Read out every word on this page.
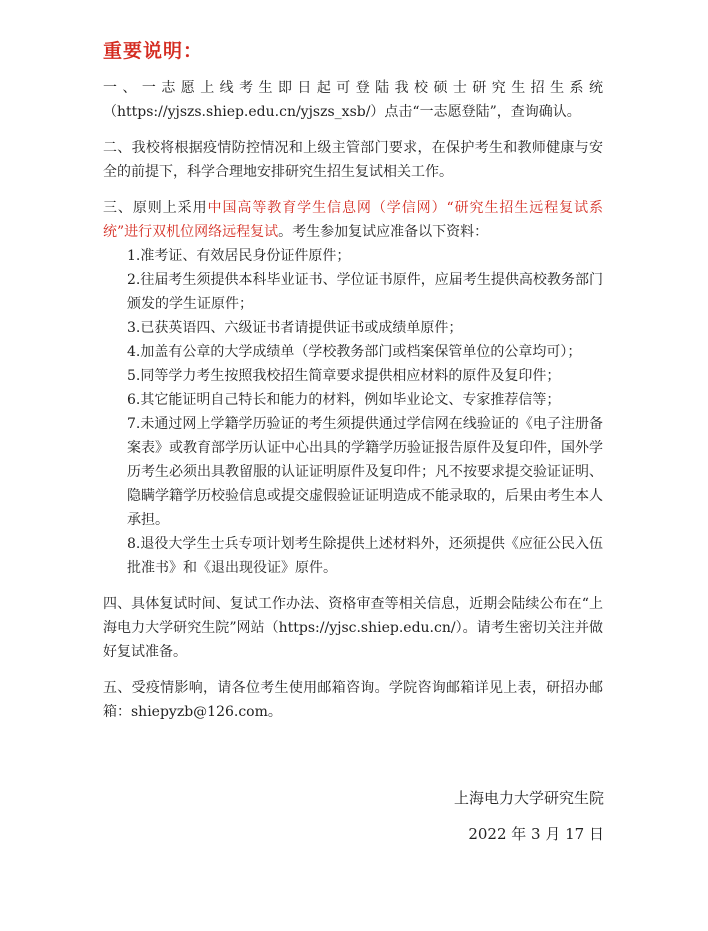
重要说明：

一、一志愿上线考生即日起可登陆我校硕士研究生招生系统（https://yjszs.shiep.edu.cn/yjszs_xsb/）点击“一志愿登陆”，查询确认。

二、我校将根据疫情防控情况和上级主管部门要求，在保护考生和教师健康与安全的前提下，科学合理地安排研究生招生复试相关工作。

三、原则上采用中国高等教育学生信息网（学信网）“研究生招生远程复试系统”进行双机位网络远程复试。考生参加复试应准备以下资料：

1.准考证、有效居民身份证件原件；
2.往届考生须提供本科毕业证书、学位证书原件，应届考生提供高校教务部门颁发的学生证原件；
3.已获英语四、六级证书者请提供证书或成绩单原件；
4.加盖有公章的大学成绩单（学校教务部门或档案保管单位的公章均可）；
5.同等学力考生按照我校招生简章要求提供相应材料的原件及复印件；
6.其它能证明自己特长和能力的材料，例如毕业论文、专家推荐信等；
7.未通过网上学籍学历验证的考生须提供通过学信网在线验证的《电子注册备案表》或教育部学历认证中心出具的学籍学历验证报告原件及复印件，国外学历考生必须出具教留服的认证证明原件及复印件；凡不按要求提交验证证明、隐瞒学籍学历校验信息或提交虚假验证证明造成不能录取的，后果由考生本人承担。
8.退役大学生士兵专项计划考生除提供上述材料外，还须提供《应征公民入伍批准书》和《退出现役证》原件。

四、具体复试时间、复试工作办法、资格审查等相关信息，近期会陆续公布在“上海电力大学研究生院”网站（https://yjsc.shiep.edu.cn/）。请考生密切关注并做好复试准备。

五、受疫情影响，请各位考生使用邮箱咨询。学院咨询邮箱详见上表，研招办邮箱：shiepyzb@126.com。

上海电力大学研究生院
2022 年 3 月 17 日
